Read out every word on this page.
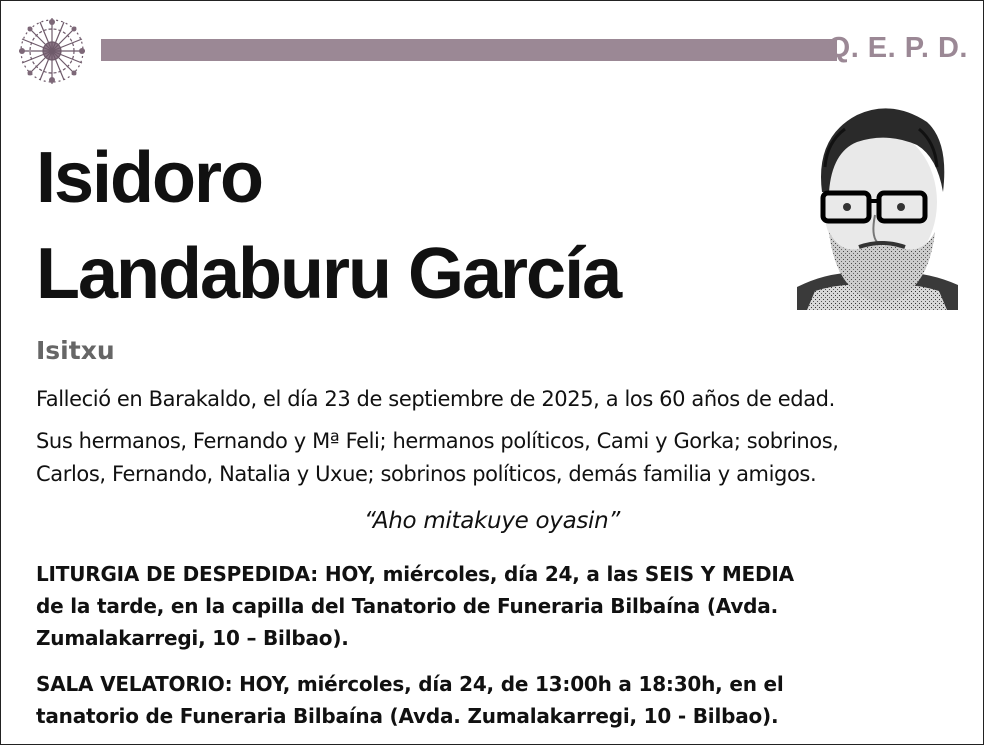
Q. E. P. D.
Isidoro
Landaburu García
Isitxu
Falleció en Barakaldo, el día 23 de septiembre de 2025, a los 60 años de edad.
Sus hermanos, Fernando y Mª Feli; hermanos políticos, Cami y Gorka; sobrinos,
Carlos, Fernando, Natalia y Uxue; sobrinos políticos, demás familia y amigos.
“Aho mitakuye oyasin”
LITURGIA DE DESPEDIDA: HOY, miércoles, día 24, a las SEIS Y MEDIA
de la tarde, en la capilla del Tanatorio de Funeraria Bilbaína (Avda.
Zumalakarregi, 10 – Bilbao).
SALA VELATORIO: HOY, miércoles, día 24, de 13:00h a 18:30h, en el
tanatorio de Funeraria Bilbaína (Avda. Zumalakarregi, 10 - Bilbao).
